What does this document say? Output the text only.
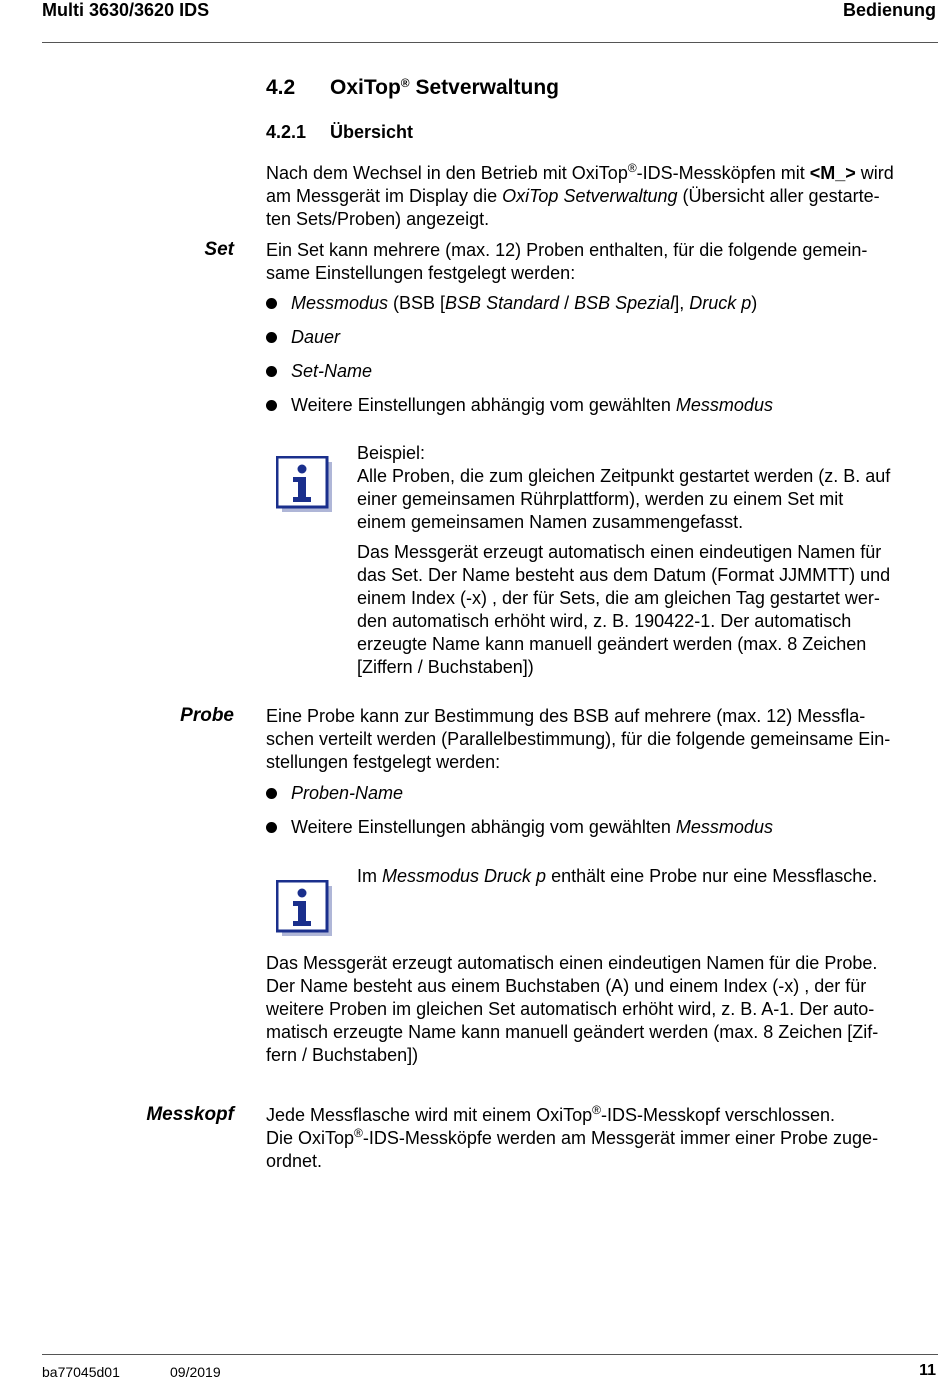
Multi 3630/3620 IDS	Bedienung
4.2 OxiTop® Setverwaltung
4.2.1 Übersicht

Nach dem Wechsel in den Betrieb mit OxiTop®-IDS-Messköpfen mit <M_> wird

am Messgerät im Display die OxiTop Setverwaltung (Übersicht aller gestarte-

ten Sets/Proben) angezeigt.

Set Ein Set kann mehrere (max. 12) Proben enthalten, für die folgende gemein-

same Einstellungen festgelegt werden:

Messmodus (BSB [BSB Standard / BSB Spezial], Druck p)
Dauer
Set-Name
Weitere Einstellungen abhängig vom gewählten Messmodus

Beispiel:

Alle Proben, die zum gleichen Zeitpunkt gestartet werden (z. B. auf

einer gemeinsamen Rührplattform), werden zu einem Set mit

einem gemeinsamen Namen zusammengefasst.

Das Messgerät erzeugt automatisch einen eindeutigen Namen für

das Set. Der Name besteht aus dem Datum (Format JJMMTT) und

einem Index (-x) , der für Sets, die am gleichen Tag gestartet wer-

den automatisch erhöht wird, z. B. 190422-1. Der automatisch

erzeugte Name kann manuell geändert werden (max. 8 Zeichen

[Ziffern / Buchstaben])

Probe Eine Probe kann zur Bestimmung des BSB auf mehrere (max. 12) Messfla-

schen verteilt werden (Parallelbestimmung), für die folgende gemeinsame Ein-

stellungen festgelegt werden:

Proben-Name
Weitere Einstellungen abhängig vom gewählten Messmodus

Im Messmodus Druck p enthält eine Probe nur eine Messflasche.

Das Messgerät erzeugt automatisch einen eindeutigen Namen für die Probe.

Der Name besteht aus einem Buchstaben (A) und einem Index (-x) , der für

weitere Proben im gleichen Set automatisch erhöht wird, z. B. A-1. Der auto-

matisch erzeugte Name kann manuell geändert werden (max. 8 Zeichen [Zif-

fern / Buchstaben])

Messkopf Jede Messflasche wird mit einem OxiTop®-IDS-Messkopf verschlossen.

Die OxiTop®-IDS-Messköpfe werden am Messgerät immer einer Probe zuge-

ordnet.

ba77045d01	09/2019	11
